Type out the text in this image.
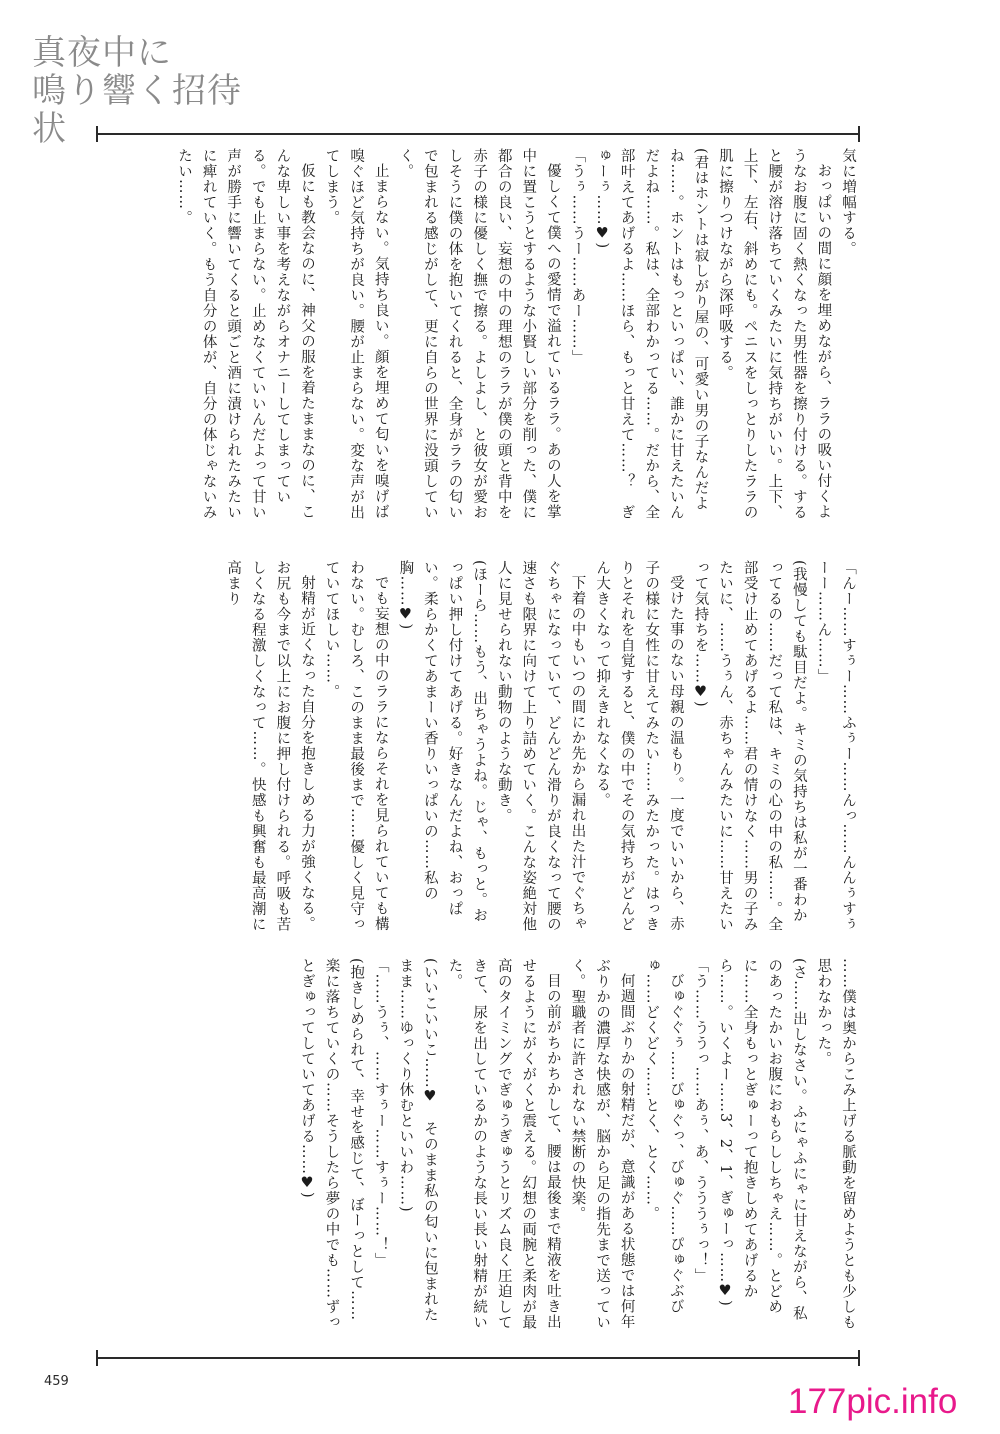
真夜中に
鳴り響く招待状

気に増幅する。

おっぱいの間に顔を埋めながら、ララの吸い付くようなお腹に固く熱くなった男性器を擦り付ける。すると腰が溶け落ちていくみたいに気持ちがいい。上下、上下、左右、斜めにも。ペニスをしっとりしたララの肌に擦りつけながら深呼吸する。

(君はホントは寂しがり屋の、可愛い男の子なんだよね……。ホントはもっといっぱい、誰かに甘えたいんだよね……。私は、全部わかってる……。だから、全部叶えてあげるよ……ほら、もっと甘えて……？　ぎゅーぅ……♥)

「うぅ……うー……あー……」

優しくて僕への愛情で溢れているララ。あの人を掌中に置こうとするような小賢しい部分を削った、僕に都合の良い、妄想の中の理想のララが僕の頭と背中を赤子の様に優しく撫で擦る。よしよし、と彼女が愛おしそうに僕の体を抱いてくれると、全身がララの匂いで包まれる感じがして、更に自らの世界に没頭していく。

止まらない。気持ち良い。顔を埋めて匂いを嗅げば嗅ぐほど気持ちが良い。腰が止まらない。変な声が出てしまう。

仮にも教会なのに、神父の服を着たままなのに、こんな卑しい事を考えながらオナニーしてしまっている。でも止まらない。止めなくていいんだよって甘い声が勝手に響いてくると頭ごと酒に漬けられたみたいに痺れていく。もう自分の体が、自分の体じゃないみたい……。

「んー……すぅー……ふぅー……んっ……んんぅすぅーー……ん……」

(我慢しても駄目だよ。キミの気持ちは私が一番わかってるの……だって私は、キミの心の中の私……。全部受け止めてあげるよ……君の情けなく……男の子みたいに、……うぅん、赤ちゃんみたいに……甘えたいって気持ちを……♥)

受けた事のない母親の温もり。一度でいいから、赤子の様に女性に甘えてみたい……みたかった。はっきりとそれを自覚すると、僕の中でその気持ちがどんどん大きくなって抑えきれなくなる。

下着の中もいつの間にか先から漏れ出た汁でぐちゃぐちゃになっていて、どんどん滑りが良くなって腰の速さも限界に向けて上り詰めていく。こんな姿絶対他人に見せられない動物のような動き。

(ほーら……もう、出ちゃうよね。じゃ、もっと。おっぱい押し付けてあげる。好きなんだよね、おっぱい。柔らかくてあまーい香りいっぱいの……私の胸……♥)

でも妄想の中のララにならそれを見られていても構わない。むしろ、このまま最後まで……優しく見守っていてほしい……。

射精が近くなった自分を抱きしめる力が強くなる。お尻も今まで以上にお腹に押し付けられる。呼吸も苦しくなる程激しくなって……。快感も興奮も最高潮に高まり

……僕は奥からこみ上げる脈動を留めようとも少しも思わなかった。

(さ……出しなさい。ふにゃふにゃに甘えながら、私のあったかいお腹におもらししちゃえ……。とどめに……全身もっとぎゅーって抱きしめてあげるから……。いくよー……3、2、1、ぎゅーっ……♥)

「う……ううっ……あぅ、あ、うううぅっ！」

びゅぐぐぅ……びゅぐっ、びゅぐ……ぴゅぐぶびゅ……どくどく……とく、とく……。

何週間ぶりかの射精だが、意識がある状態では何年ぶりかの濃厚な快感が、脳から足の指先まで送っていく。聖職者に許されない禁断の快楽。

目の前がちかちかして、腰は最後まで精液を吐き出せるようにがくがくと震える。幻想の両腕と柔肉が最高のタイミングでぎゅうぎゅうとリズム良く圧迫してきて、尿を出しているかのような長い長い射精が続いた。

(いいこいいこ……♥　そのまま私の匂いに包まれたまま……ゆっくり休むといいわ……)

「……うぅ、……すぅー……すぅー……！」

(抱きしめられて、幸せを感じて、ぼーっとして……楽に落ちていくの……そうしたら夢の中でも……ずっとぎゅってしていてあげる……♥)

459
177pic.info
